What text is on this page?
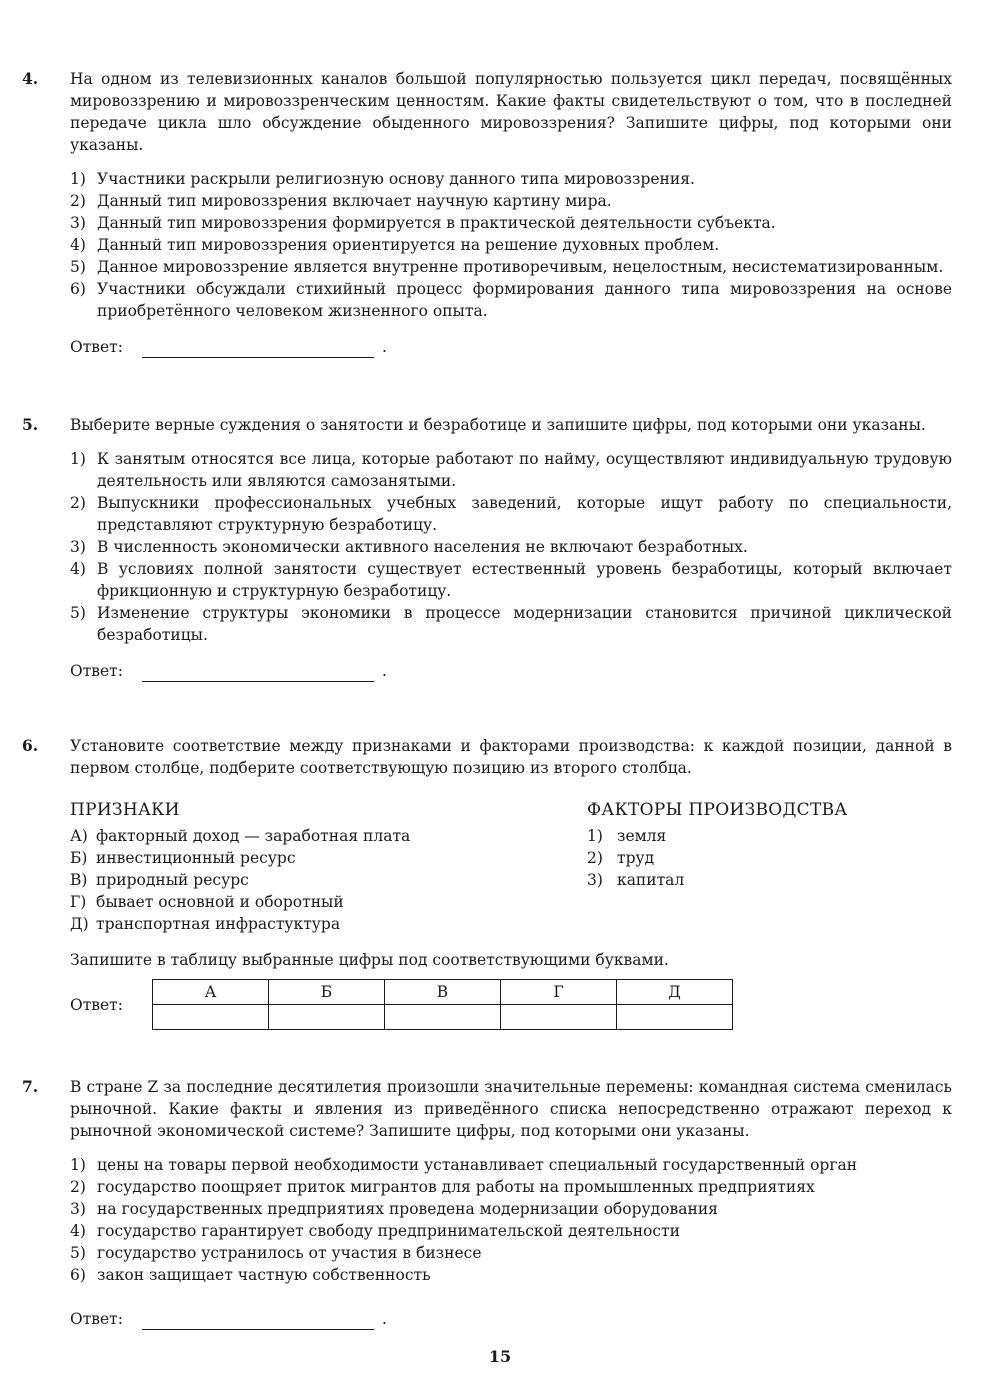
4.	На одном из телевизионных каналов большой популярностью пользуется цикл передач, посвящённых мировоззрению и мировоззренческим ценностям. Какие факты свидетельствуют о том, что в последней передаче цикла шло обсуждение обыденного мировоззрения? Запишите цифры, под которыми они указаны.

1) Участники раскрыли религиозную основу данного типа мировоззрения.
2) Данный тип мировоззрения включает научную картину мира.
3) Данный тип мировоззрения формируется в практической деятельности субъекта.
4) Данный тип мировоззрения ориентируется на решение духовных проблем.
5) Данное мировоззрение является внутренне противоречивым, нецелостным, несистематизированным.
6) Участники обсуждали стихийный процесс формирования данного типа мировоззрения на основе приобретённого человеком жизненного опыта.
Ответ:	.
5.	Выберите верные суждения о занятости и безработице и запишите цифры, под которыми они указаны.

1) К занятым относятся все лица, которые работают по найму, осуществляют индивидуальную трудовую деятельность или являются самозанятыми.
2) Выпускники профессиональных учебных заведений, которые ищут работу по специальности, представляют структурную безработицу.
3) В численность экономически активного населения не включают безработных.
4) В условиях полной занятости существует естественный уровень безработицы, который включает фрикционную и структурную безработицу.
5) Изменение структуры экономики в процессе модернизации становится причиной циклической безработицы.
Ответ:	.
6.	Установите соответствие между признаками и факторами производства: к каждой позиции, данной в первом столбце, подберите соответствующую позицию из второго столбца.

ПРИЗНАКИ
А) факторный доход — заработная плата
Б) инвестиционный ресурс
В) природный ресурс
Г) бывает основной и оборотный
Д) транспортная инфрастуктура
ФАКТОРЫ ПРОИЗВОДСТВА
1) земля
2) труд
3) капитал
Запишите в таблицу выбранные цифры под соответствующими буквами.
Ответ:
А	Б	В	Г	Д

7.	В стране Z за последние десятилетия произошли значительные перемены: командная система сменилась рыночной. Какие факты и явления из приведённого списка непосредственно отражают переход к рыночной экономической системе? Запишите цифры, под которыми они указаны.

1) цены на товары первой необходимости устанавливает специальный государственный орган
2) государство поощряет приток мигрантов для работы на промышленных предприятиях
3) на государственных предприятиях проведена модернизации оборудования
4) государство гарантирует свободу предпринимательской деятельности
5) государство устранилось от участия в бизнесе
6) закон защищает частную собственность
Ответ:	.
15
